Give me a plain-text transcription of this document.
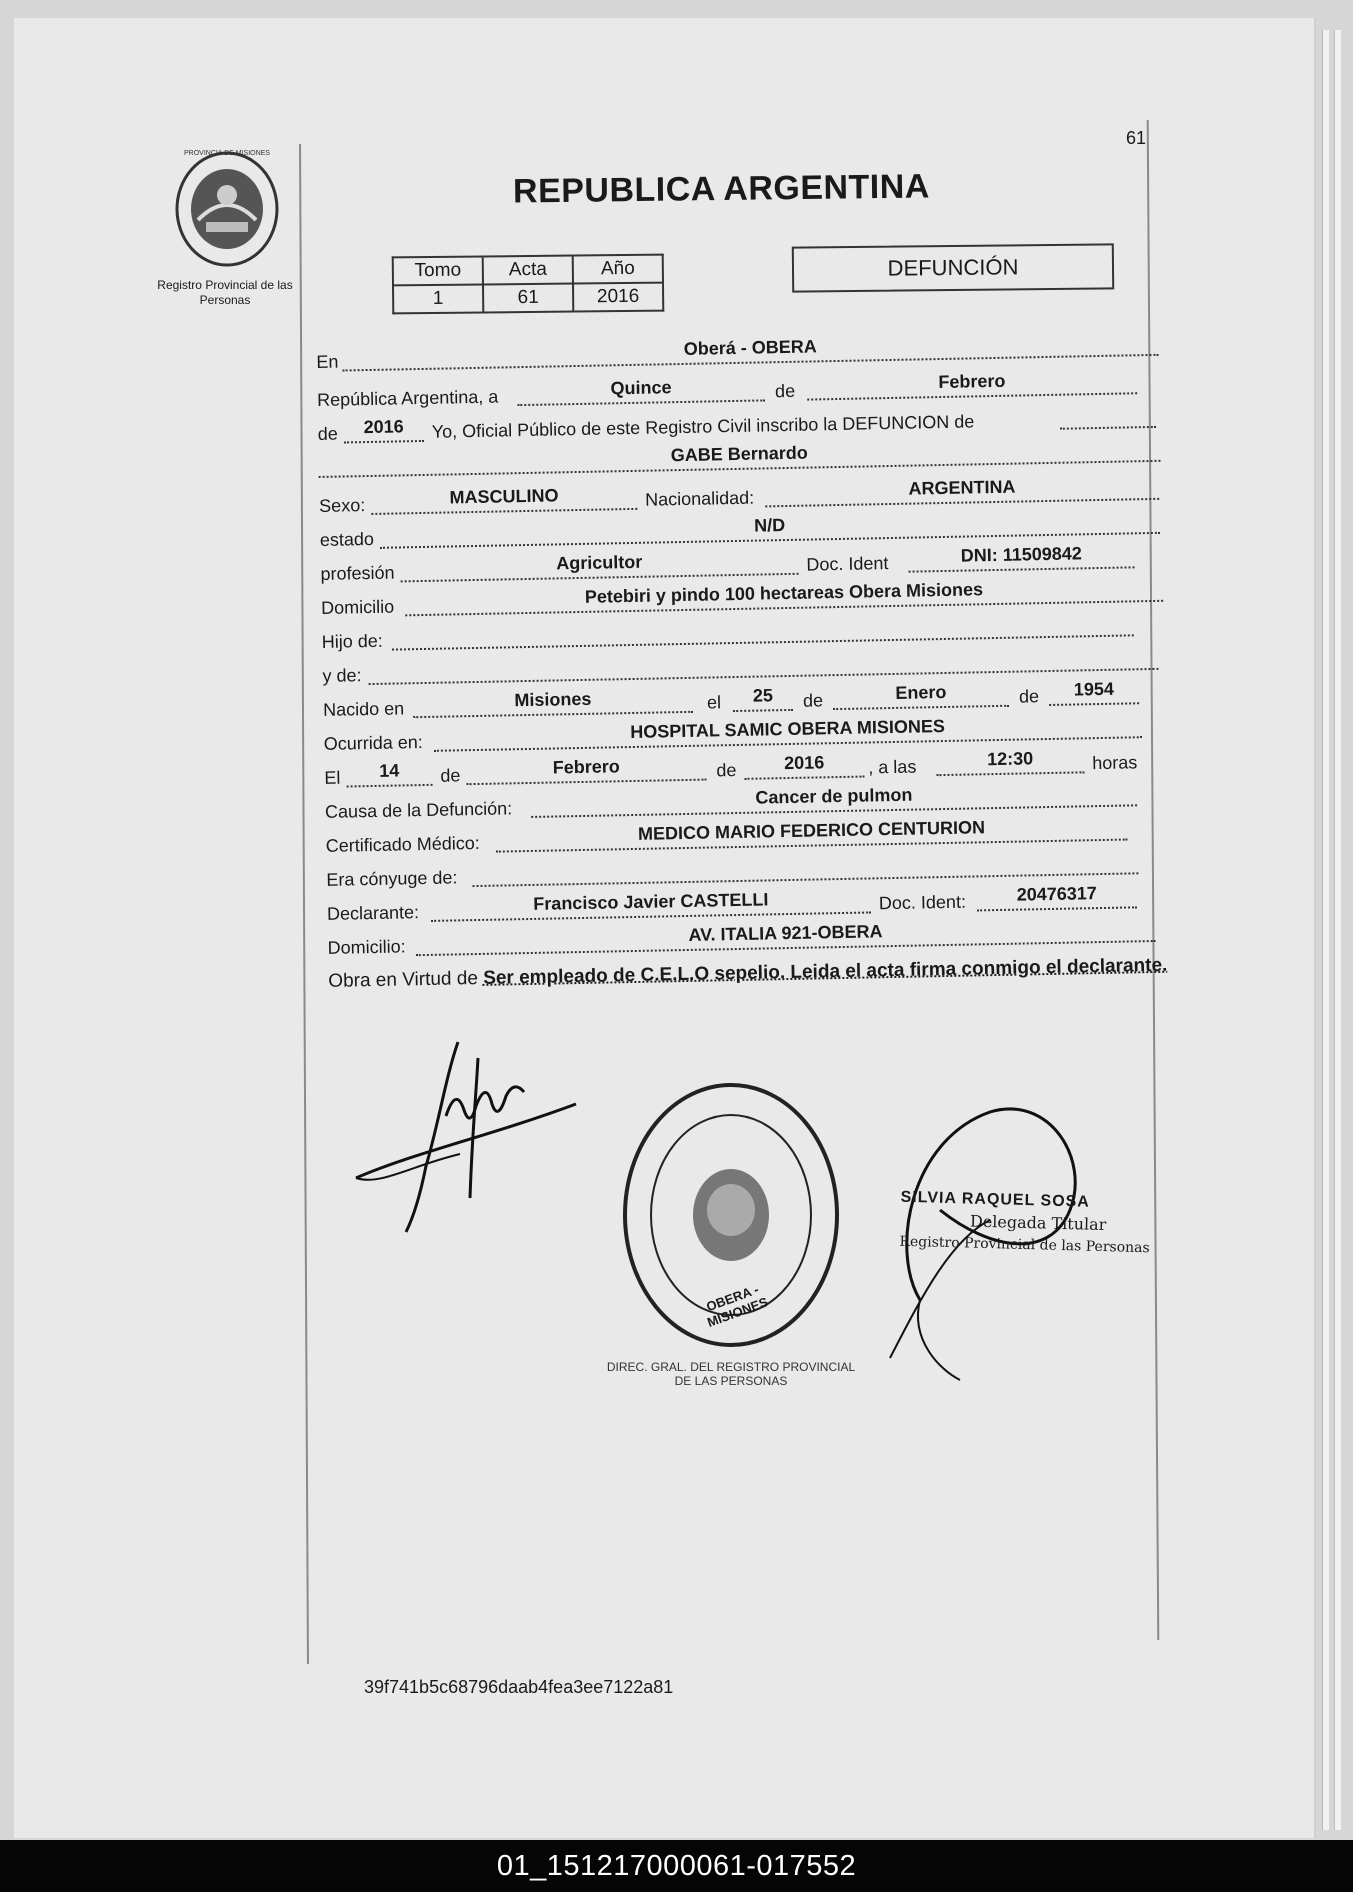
61
PROVINCIA DE MISIONES
Registro Provincial de las Personas
REPUBLICA ARGENTINA
Tomo	Acta	Año
1	61	2016
DEFUNCIÓN
En
Oberá - OBERA
República Argentina, a	Quince	de	Febrero
de	2016	Yo, Oficial Público de este Registro Civil inscribo la DEFUNCION de
GABE Bernardo
Sexo:	MASCULINO	Nacionalidad:	ARGENTINA
estado
N/D
profesión	Agricultor	Doc. Ident	DNI: 11509842
Domicilio
Petebiri y pindo 100 hectareas Obera Misiones
Hijo de:
y de:
Nacido en	Misiones	el	25	de	Enero	de	1954
Ocurrida en:
HOSPITAL SAMIC OBERA MISIONES
El	14	de	Febrero	de	2016	, a las	12:30	horas
Causa de la Defunción:
Cancer de pulmon
Certificado Médico:
MEDICO MARIO FEDERICO CENTURION
Era cónyuge de:
Declarante:	Francisco Javier CASTELLI	Doc. Ident:	20476317
Domicilio:
AV. ITALIA 921-OBERA
Obra en Virtud de Ser empleado de C.E.L.O sepelio. Leida el acta firma conmigo el declarante.
DIREC. GRAL. DEL REGISTRO PROVINCIAL DE LAS PERSONAS
OBERA - MISIONES
SILVIA RAQUEL SOSA
Delegada Titular
Registro Provincial de las Personas
39f741b5c68796daab4fea3ee7122a81
01_151217000061-017552
